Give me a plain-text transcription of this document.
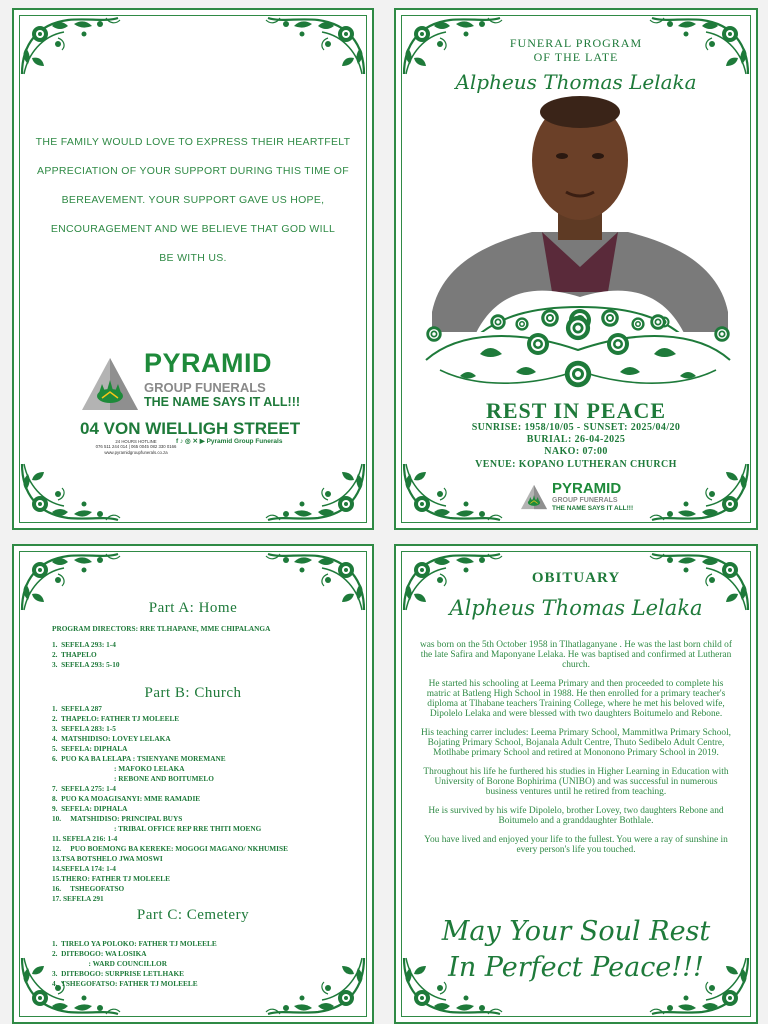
THE FAMILY WOULD LOVE TO EXPRESS THEIR HEARTFELT
APPRECIATION OF YOUR SUPPORT DURING THIS TIME OF
BEREAVEMENT. YOUR SUPPORT GAVE US HOPE,
ENCOURAGEMENT AND WE BELIEVE THAT GOD WILL
BE WITH US.

PYRAMID
GROUP FUNERALS
THE NAME SAYS IT ALL!!!
04 VON WIELLIGH STREET
24 HOURS HOTLINE
076 511 244 014 | 065 0045 082 330 0166
www.pyramidgroupfunerals.co.za
f ♪ ◎ ✕ ▶ Pyramid Group Funerals
FUNERAL PROGRAM
OF THE LATE
Alpheus Thomas Lelaka
REST IN PEACE
SUNRISE: 1958/10/05 - SUNSET: 2025/04/20
BURIAL: 26-04-2025
NAKO: 07:00
VENUE: KOPANO LUTHERAN CHURCH
PYRAMID
GROUP FUNERALS
THE NAME SAYS IT ALL!!!
Part A: Home
PROGRAM DIRECTORS: RRE TLHAPANE, MME CHIPALANGA
1.  SEFELA 293: 1-4
2.  THAPELO
3.  SEFELA 293: 5-10
Part B: Church
1.  SEFELA 287
2.  THAPELO: FATHER TJ MOLEELE
3.  SEFELA 283: 1-5
4.  MATSHIDISO: LOVEY LELAKA
5.  SEFELA: DIPHALA
6.  PUO KA BA LELAPA : TSIENYANE MOREMANE
: MAFOKO LELAKA
: REBONE AND BOITUMELO
7.  SEFELA 275: 1-4
8.  PUO KA MOAGISANYI: MME RAMADIE
9.  SEFELA: DIPHALA
10.     MATSHIDISO: PRINCIPAL BUYS
: TRIBAL OFFICE REP RRE THITI MOENG
11. SEFELA 216: 1-4
12.     PUO BOEMONG BA KEREKE: MOGOGI MAGANO/ NKHUMISE
13.TSA BOTSHELO JWA MOSWI
14.SEFELA 174: 1-4
15.THERO: FATHER TJ MOLEELE
16.     TSHEGOFATSO
17. SEFELA 291
Part C: Cemetery
1.  TIRELO YA POLOKO: FATHER TJ MOLEELE
2.  DITEBOGO: WA LOSIKA
: WARD COUNCILLOR
3.  DITEBOGO: SURPRISE LETLHAKE
4.  TSHEGOFATSO: FATHER TJ MOLEELE
OBITUARY
Alpheus Thomas Lelaka

was born on the 5th October 1958 in Tlhatlaganyane . He was the last born child of the late Safira and Maponyane Lelaka. He was baptised and confirmed at Lutheran church.

He started his schooling at Leema Primary and then proceeded to complete his matric at Batleng High School in 1988. He then enrolled for a primary teacher's diploma at Tlhabane teachers Training College, where he met his beloved wife, Dipolelo Lelaka and were blessed with two daughters Boitumelo and Rebone.

His teaching carrer includes: Leema Primary School, Mammitlwa Primary School, Bojating Primary School, Bojanala Adult Centre, Thuto Sedibelo Adult Centre, Motlhabe primary School and retired at Mononono Primary School in 2019.

Throughout his life he furthered his studies in Higher Learning in Education with University of Borone Bophirima (UNIBO) and was successful in numerous business ventures until he retired from teaching.

He is survived by his wife Dipolelo, brother Lovey, two daughters Rebone and Boitumelo and a granddaughter Bothlale.

You have lived and enjoyed your life to the fullest. You were a ray of sunshine in every person's life you touched.

May Your Soul Rest
In Perfect Peace!!!
